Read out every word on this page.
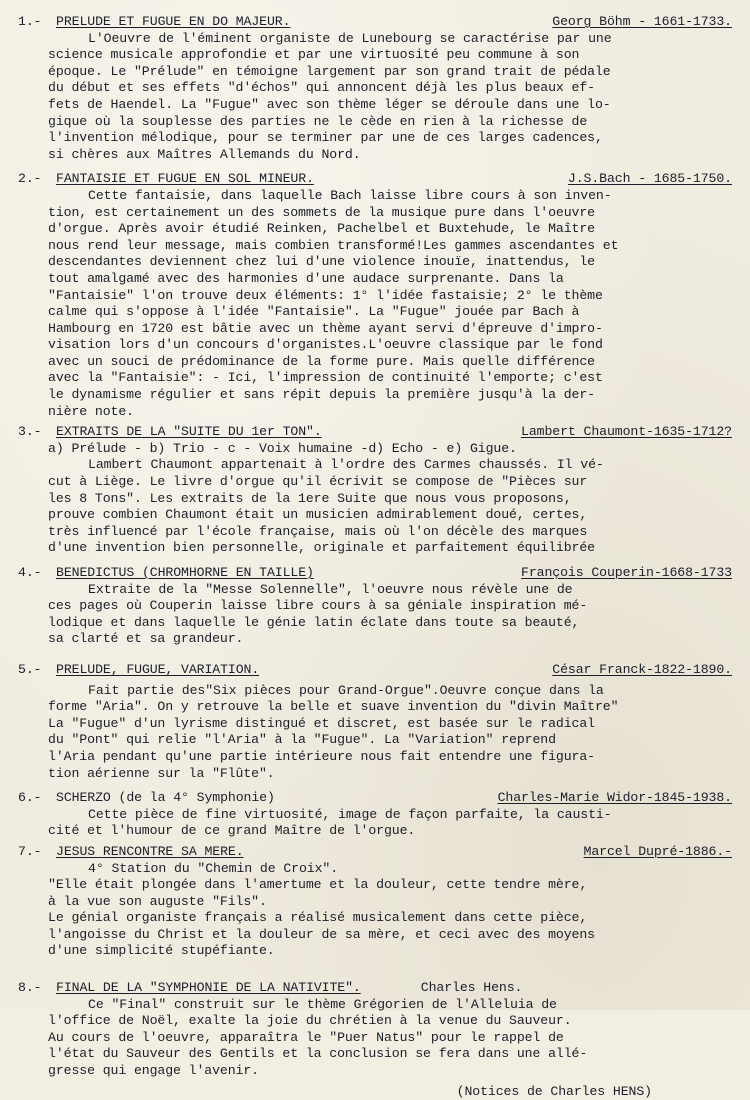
1.-	PRELUDE ET FUGUE EN DO MAJEUR.	Georg Böhm - 1661-1733.
L'Oeuvre de l'éminent organiste de Lunebourg se caractérise par une
science musicale approfondie et par une virtuosité peu commune à son
époque. Le "Prélude" en témoigne largement par son grand trait de pédale
du début et ses effets "d'échos" qui annoncent déjà les plus beaux ef-
fets de Haendel. La "Fugue" avec son thème léger se déroule dans une lo-
gique où la souplesse des parties ne le cède en rien à la richesse de
l'invention mélodique, pour se terminer par une de ces larges cadences,
si chères aux Maîtres Allemands du Nord.
2.-	FANTAISIE ET FUGUE EN SOL MINEUR.	J.S.Bach - 1685-1750.
Cette fantaisie, dans laquelle Bach laisse libre cours à son inven-
tion, est certainement un des sommets de la musique pure dans l'oeuvre
d'orgue. Après avoir étudié Reinken, Pachelbel et Buxtehude, le Maître
nous rend leur message, mais combien transformé!Les gammes ascendantes et
descendantes deviennent chez lui d'une violence inouïe, inattendus, le
tout amalgamé avec des harmonies d'une audace surprenante. Dans la
"Fantaisie" l'on trouve deux éléments: 1° l'idée fastaisie; 2° le thème
calme qui s'oppose à l'idée "Fantaisie". La "Fugue" jouée par Bach à
Hambourg en 1720 est bâtie avec un thème ayant servi d'épreuve d'impro-
visation lors d'un concours d'organistes.L'oeuvre classique par le fond
avec un souci de prédominance de la forme pure. Mais quelle différence
avec la "Fantaisie": - Ici, l'impression de continuité l'emporte; c'est
le dynamisme régulier et sans répit depuis la première jusqu'à la der-
nière note.
3.-	EXTRAITS DE LA "SUITE DU 1er TON".	Lambert Chaumont-1635-1712?
a) Prélude - b) Trio - c - Voix humaine -d) Echo - e) Gigue.
Lambert Chaumont appartenait à l'ordre des Carmes chaussés. Il vé-
cut à Liège. Le livre d'orgue qu'il écrivit se compose de "Pièces sur
les 8 Tons". Les extraits de la 1ere Suite que nous vous proposons,
prouve combien Chaumont était un musicien admirablement doué, certes,
très influencé par l'école française, mais où l'on décèle des marques
d'une invention bien personnelle, originale et parfaitement équilibrée
4.-	BENEDICTUS (CHROMHORNE EN TAILLE)	François Couperin-1668-1733
Extraite de la "Messe Solennelle", l'oeuvre nous révèle une de
ces pages où Couperin laisse libre cours à sa géniale inspiration mé-
lodique et dans laquelle le génie latin éclate dans toute sa beauté,
sa clarté et sa grandeur.
5.-	PRELUDE, FUGUE, VARIATION.	César Franck-1822-1890.
Fait partie des"Six pièces pour Grand-Orgue".Oeuvre conçue dans la
forme "Aria". On y retrouve la belle et suave invention du "divin Maître"
La "Fugue" d'un lyrisme distingué et discret, est basée sur le radical
du "Pont" qui relie "l'Aria" à la "Fugue". La "Variation" reprend
l'Aria pendant qu'une partie intérieure nous fait entendre une figura-
tion aérienne sur la "Flûte".
6.-	SCHERZO (de la 4° Symphonie)	Charles-Marie Widor-1845-1938.
Cette pièce de fine virtuosité, image de façon parfaite, la causti-
cité et l'humour de ce grand Maître de l'orgue.
7.-	JESUS RENCONTRE SA MERE.	Marcel Dupré-1886.-
4° Station du "Chemin de Croix".
"Elle était plongée dans l'amertume et la douleur, cette tendre mère,
à la vue son auguste "Fils".
Le génial organiste français a réalisé musicalement dans cette pièce,
l'angoisse du Christ et la douleur de sa mère, et ceci avec des moyens
d'une simplicité stupéfiante.
8.-	FINAL DE LA "SYMPHONIE DE LA NATIVITE".	Charles Hens.
Ce "Final" construit sur le thème Grégorien de l'Alleluia de
l'office de Noël, exalte la joie du chrétien à la venue du Sauveur.
Au cours de l'oeuvre, apparaîtra le "Puer Natus" pour le rappel de
l'état du Sauveur des Gentils et la conclusion se fera dans une allé-
gresse qui engage l'avenir.
(Notices de Charles HENS)
